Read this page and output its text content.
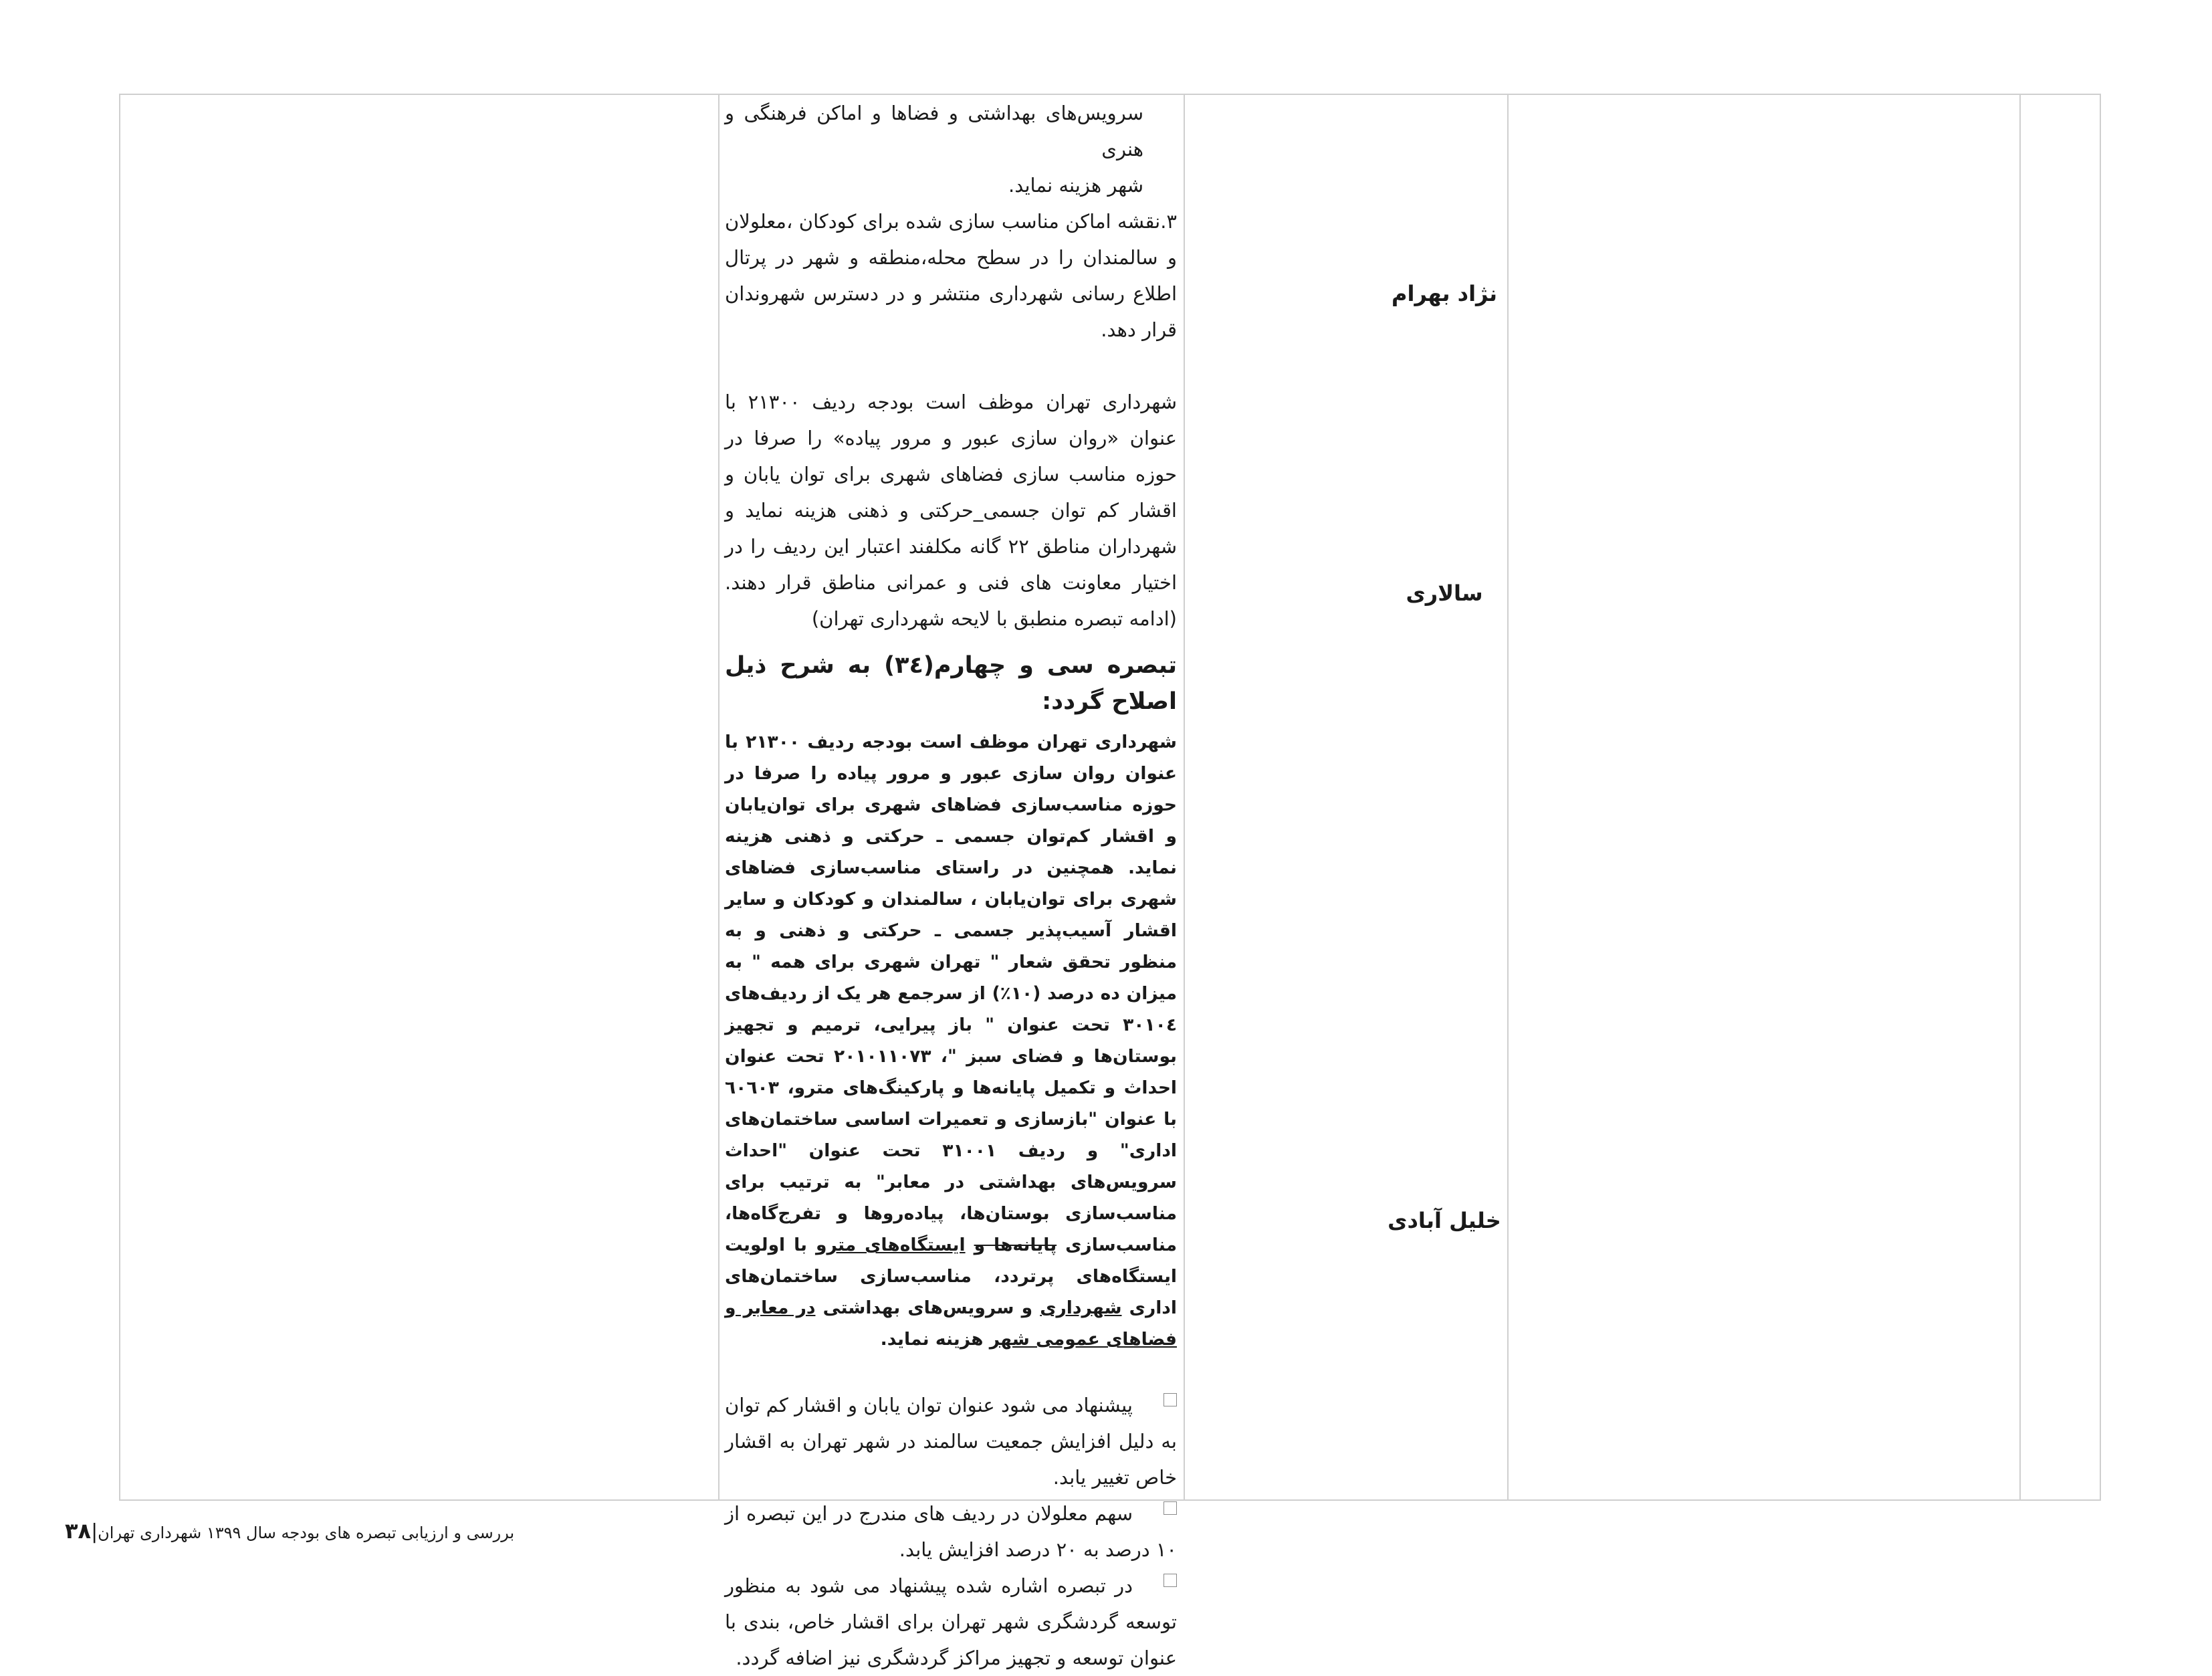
نژاد بهرام
سالاری
خلیل آبادی
سرویس‌های بهداشتی و فضاها و اماکن فرهنگی و هنری
شهر هزینه نماید.

۳.نقشه اماکن مناسب سازی شده برای کودکان ،معلولان و سالمندان را در سطح محله،منطقه و شهر در پرتال اطلاع رسانی شهرداری منتشر و در دسترس شهروندان قرار دهد.

شهرداری تهران موظف است بودجه ردیف ۲۱۳۰۰ با عنوان «روان سازی عبور و مرور پیاده» را صرفا در حوزه مناسب سازی فضاهای شهری برای توان یابان و اقشار کم توان جسمی_حرکتی و ذهنی هزینه نماید و شهرداران مناطق ۲۲ گانه مکلفند اعتبار این ردیف را در اختیار معاونت های فنی و عمرانی مناطق قرار دهند.(ادامه تبصره منطبق با لایحه شهرداری تهران)

تبصره سی و چهارم(۳٤) به شرح ذیل اصلاح گردد:

شهرداری تهران موظف است بودجه ردیف ۲۱۳۰۰ با عنوان روان سازی عبور و مرور پیاده را صرفا در حوزه مناسب‌سازی فضاهای شهری برای توان‌یابان و اقشار کم‌توان جسمی ـ حرکتی و ذهنی هزینه نماید. همچنین در راستای مناسب‌سازی فضاهای شهری برای توان‌یابان ، سالمندان و کودکان و سایر اقشار آسیب‌پذیر جسمی ـ حرکتی و ذهنی و به منظور تحقق شعار " تهران شهری برای همه " به میزان ده درصد (۱۰٪) از سرجمع هر یک از ردیف‌های ۳۰۱۰٤ تحت عنوان " باز پیرایی، ترمیم و تجهیز بوستان‌ها و فضای سبز "، ۲۰۱۰۱۱۰۷۳ تحت عنوان احداث و تکمیل پایانه‌ها و پارکینگ‌های مترو، ٦۰٦۰۳ با عنوان "بازسازی و تعمیرات اساسی ساختمان‌های اداری" و ردیف ۳۱۰۰۱ تحت عنوان "احداث سرویس‌های بهداشتی در معابر" به ترتیب برای مناسب‌سازی بوستان‌ها، پیاده‌روها و تفرج‌گاه‌ها، مناسب‌سازی پایانه‌ها و ایستگاه‌های مترو با اولویت ایستگاه‌های پرتردد، مناسب‌سازی ساختمان‌های اداری شهرداری و سرویس‌های بهداشتی در معابر و فضاهای عمومی شهر هزینه نماید.

پیشنهاد می شود عنوان توان یابان و اقشار کم توان به دلیل افزایش جمعیت سالمند در شهر تهران به اقشار خاص تغییر یابد.

سهم معلولان در ردیف های مندرج در این تبصره از ۱۰ درصد به ۲۰ درصد افزایش یابد.

در تبصره اشاره شده پیشنهاد می شود به منظور توسعه گردشگری شهر تهران برای اقشار خاص، بندی با عنوان توسعه و تجهیز مراکز گردشگری نیز اضافه گردد.

بررسی و ارزیابی تبصره های بودجه سال ۱۳۹۹ شهرداری تهران|۳۸
